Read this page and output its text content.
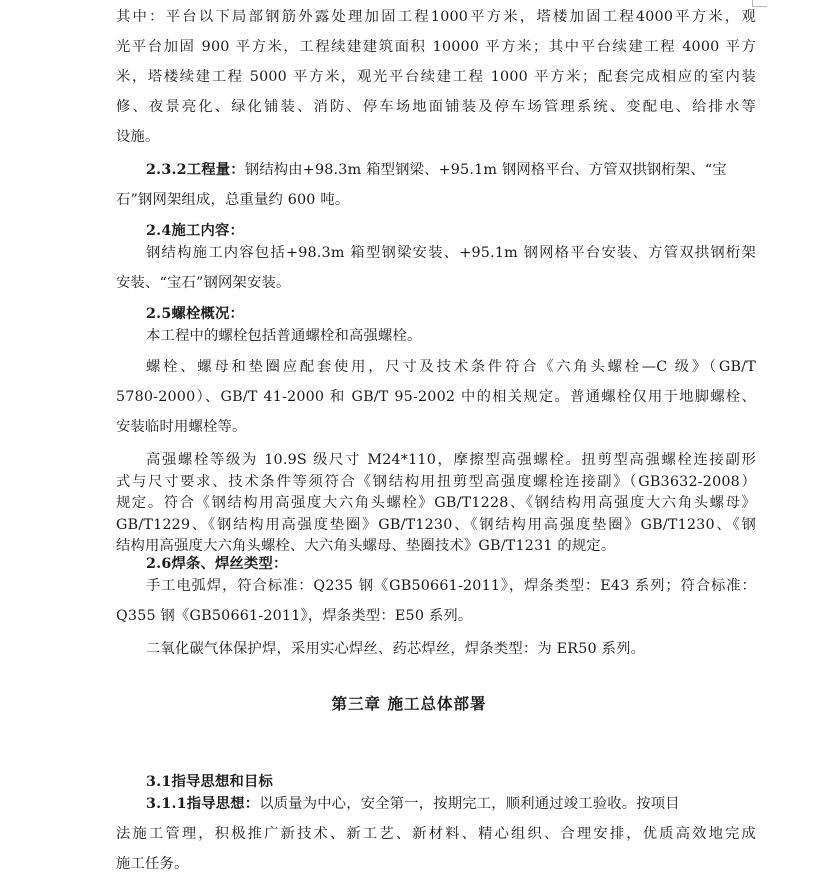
其中：平台以下局部钢筋外露处理加固工程1000平方米，塔楼加固工程4000平方米，观
光平台加固 900 平方米，工程续建建筑面积 10000 平方米；其中平台续建工程 4000 平方
米，塔楼续建工程 5000 平方米，观光平台续建工程 1000 平方米；配套完成相应的室内装
修、夜景亮化、绿化铺装、消防、停车场地面铺装及停车场管理系统、变配电、给排水等
设施。
2.3.2工程量：钢结构由+98.3m 箱型钢梁、+95.1m 钢网格平台、方管双拱钢桁架、“宝
石”钢网架组成，总重量约 600 吨。
2.4施工内容：
钢结构施工内容包括+98.3m 箱型钢梁安装、+95.1m 钢网格平台安装、方管双拱钢桁架
安装、“宝石”钢网架安装。
2.5螺栓概况：
本工程中的螺栓包括普通螺栓和高强螺栓。
螺栓、螺母和垫圈应配套使用，尺寸及技术条件符合《六角头螺栓—C 级》（GB/T
5780-2000）、GB/T 41-2000 和 GB/T 95-2002 中的相关规定。普通螺栓仅用于地脚螺栓、
安装临时用螺栓等。
高强螺栓等级为 10.9S 级尺寸 M24*110，摩擦型高强螺栓。扭剪型高强螺栓连接副形
式与尺寸要求、技术条件等须符合《钢结构用扭剪型高强度螺栓连接副》（GB3632-2008）
规定。符合《钢结构用高强度大六角头螺栓》GB/T1228、《钢结构用高强度大六角头螺母》
GB/T1229、《钢结构用高强度垫圈》GB/T1230、《钢结构用高强度垫圈》GB/T1230、《钢
结构用高强度大六角头螺栓、大六角头螺母、垫圈技术》GB/T1231 的规定。
2.6焊条、焊丝类型：
手工电弧焊，符合标准：Q235 钢《GB50661-2011》，焊条类型：E43 系列；符合标准：
Q355 钢《GB50661-2011》，焊条类型：E50 系列。
二氧化碳气体保护焊，采用实心焊丝、药芯焊丝，焊条类型：为 ER50 系列。
第三章 施工总体部署
3.1指导思想和目标
3.1.1指导思想：以质量为中心，安全第一，按期完工，顺利通过竣工验收。按项目
法施工管理，积极推广新技术、新工艺、新材料、精心组织、合理安排，优质高效地完成
施工任务。
